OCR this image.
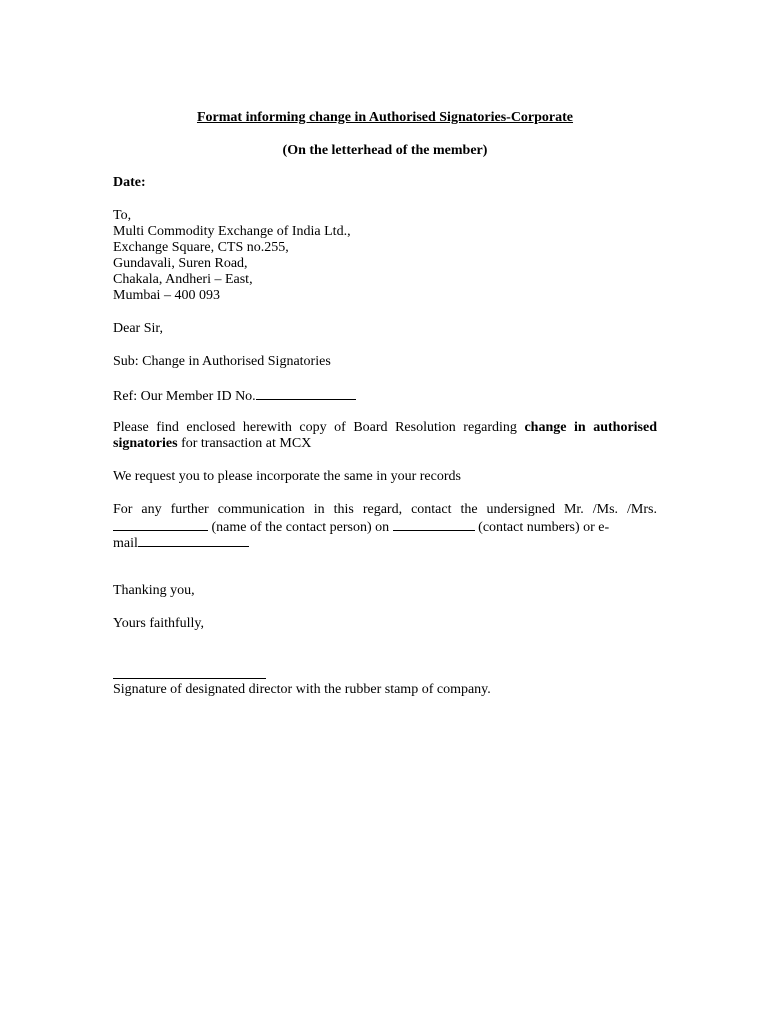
Format informing change in Authorised Signatories-Corporate
(On the letterhead of the member)
Date:
To,
Multi Commodity Exchange of India Ltd.,
Exchange Square, CTS no.255,
Gundavali, Suren Road,
Chakala, Andheri – East,
Mumbai – 400 093
Dear Sir,
Sub: Change in Authorised Signatories
Ref: Our Member ID No.
Please find enclosed herewith copy of Board Resolution regarding change in authorised
signatories for transaction at MCX
We request you to please incorporate the same in your records
For any further communication in this regard, contact the undersigned Mr. /Ms. /Mrs.
(name of the contact person) on	(contact numbers) or e-
mail
Thanking you,
Yours faithfully,
Signature of designated director with the rubber stamp of company.
